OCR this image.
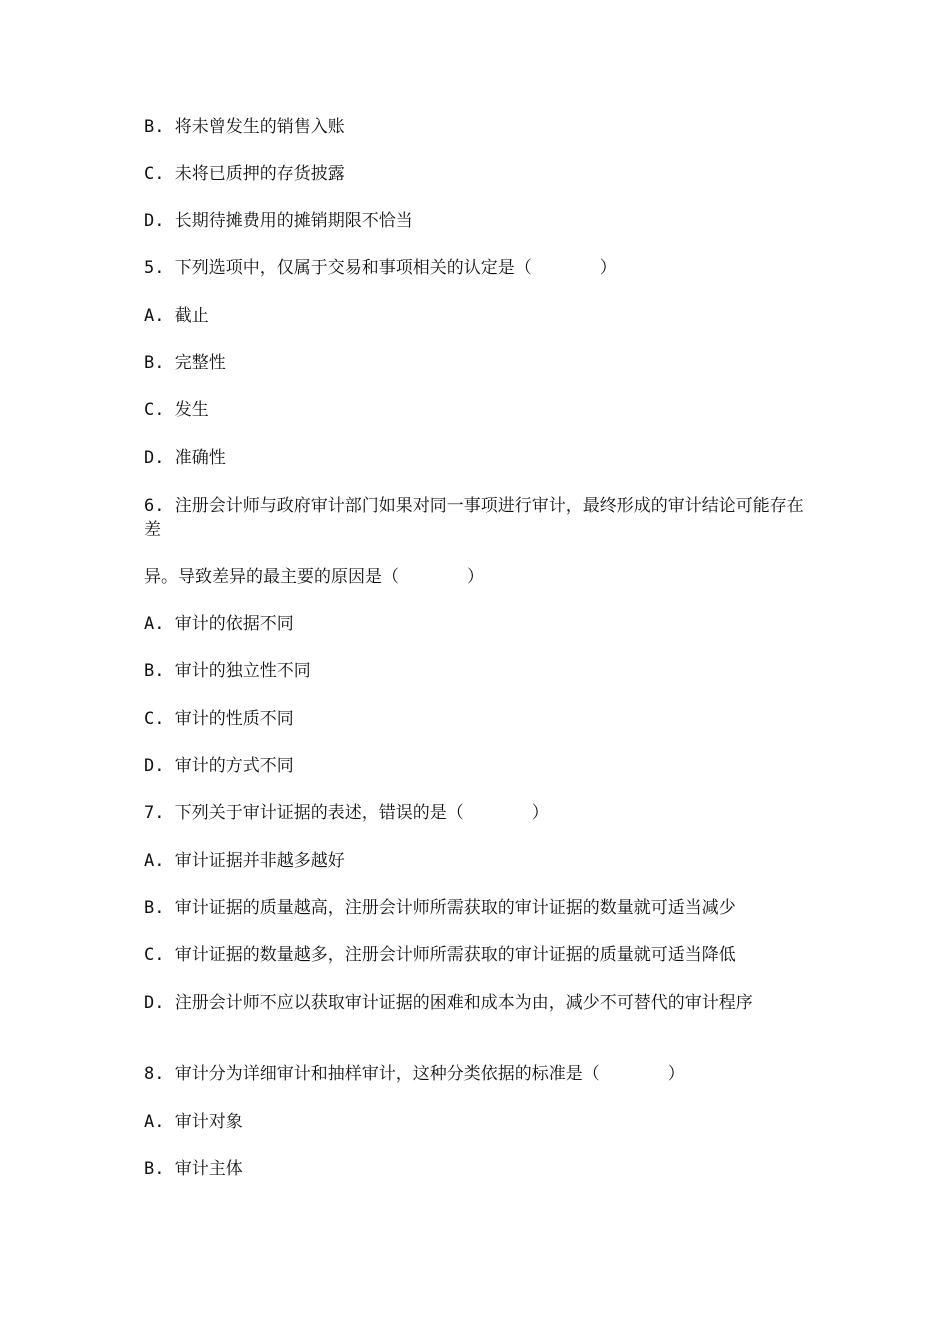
B. 将未曾发生的销售入账
C. 未将已质押的存货披露
D. 长期待摊费用的摊销期限不恰当
5. 下列选项中，仅属于交易和事项相关的认定是（　　　　）
A. 截止
B. 完整性
C. 发生
D. 准确性
6. 注册会计师与政府审计部门如果对同一事项进行审计，最终形成的审计结论可能存在差
异。导致差异的最主要的原因是（　　　　）
A. 审计的依据不同
B. 审计的独立性不同
C. 审计的性质不同
D. 审计的方式不同
7. 下列关于审计证据的表述，错误的是（　　　　）
A. 审计证据并非越多越好
B. 审计证据的质量越高，注册会计师所需获取的审计证据的数量就可适当减少
C. 审计证据的数量越多，注册会计师所需获取的审计证据的质量就可适当降低
D. 注册会计师不应以获取审计证据的困难和成本为由，减少不可替代的审计程序
8. 审计分为详细审计和抽样审计，这种分类依据的标准是（　　　　）
A. 审计对象
B. 审计主体
